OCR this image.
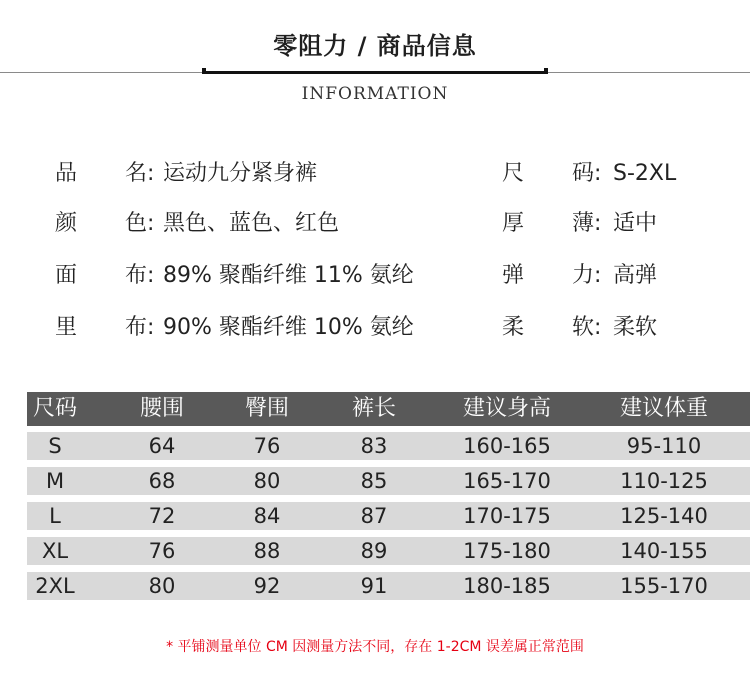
零阻力 / 商品信息
INFORMATION
品 名: 运动九分紧身裤	尺 码: S-2XL
颜 色: 黑色、蓝色、红色	厚 薄: 适中
面 布: 89% 聚酯纤维 11% 氨纶	弹 力: 高弹
里 布: 90% 聚酯纤维 10% 氨纶	柔 软: 柔软
尺码	腰围	臀围	裤长	建议身高	建议体重
S	64	76	83	160-165	95-110
M	68	80	85	165-170	110-125
L	72	84	87	170-175	125-140
XL	76	88	89	175-180	140-155
2XL	80	92	91	180-185	155-170
* 平铺测量单位 CM 因测量方法不同，存在 1-2CM 误差属正常范围
